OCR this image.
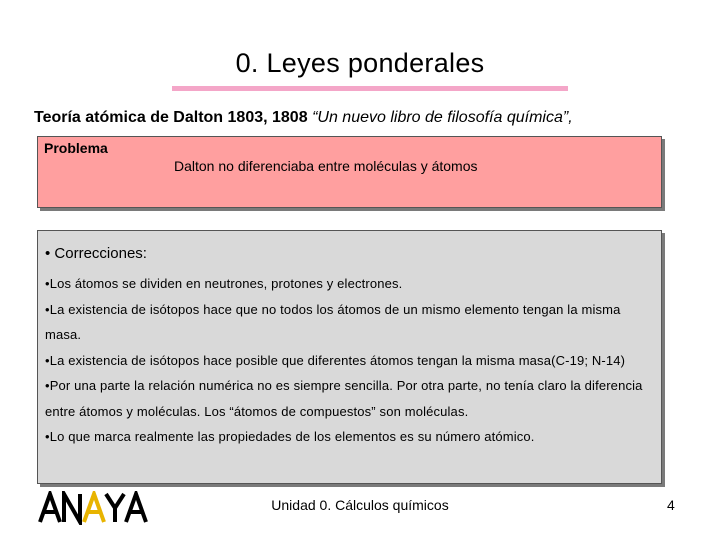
0. Leyes ponderales
Teoría atómica de Dalton 1803, 1808 “Un nuevo libro de filosofía química”,
Problema
Dalton no diferenciaba entre moléculas y átomos
• Correcciones:
•Los átomos se dividen en neutrones, protones y electrones.
•La existencia de isótopos hace que no todos los átomos de un mismo elemento tengan la misma masa.
•La existencia de isótopos hace posible que diferentes átomos tengan la misma masa(C-19; N-14)
•Por una parte la relación numérica no es siempre sencilla. Por otra parte, no tenía claro la diferencia entre átomos y moléculas. Los “átomos de compuestos” son moléculas.
•Lo que marca realmente las propiedades de los elementos es su número atómico.
Unidad 0. Cálculos químicos	4
